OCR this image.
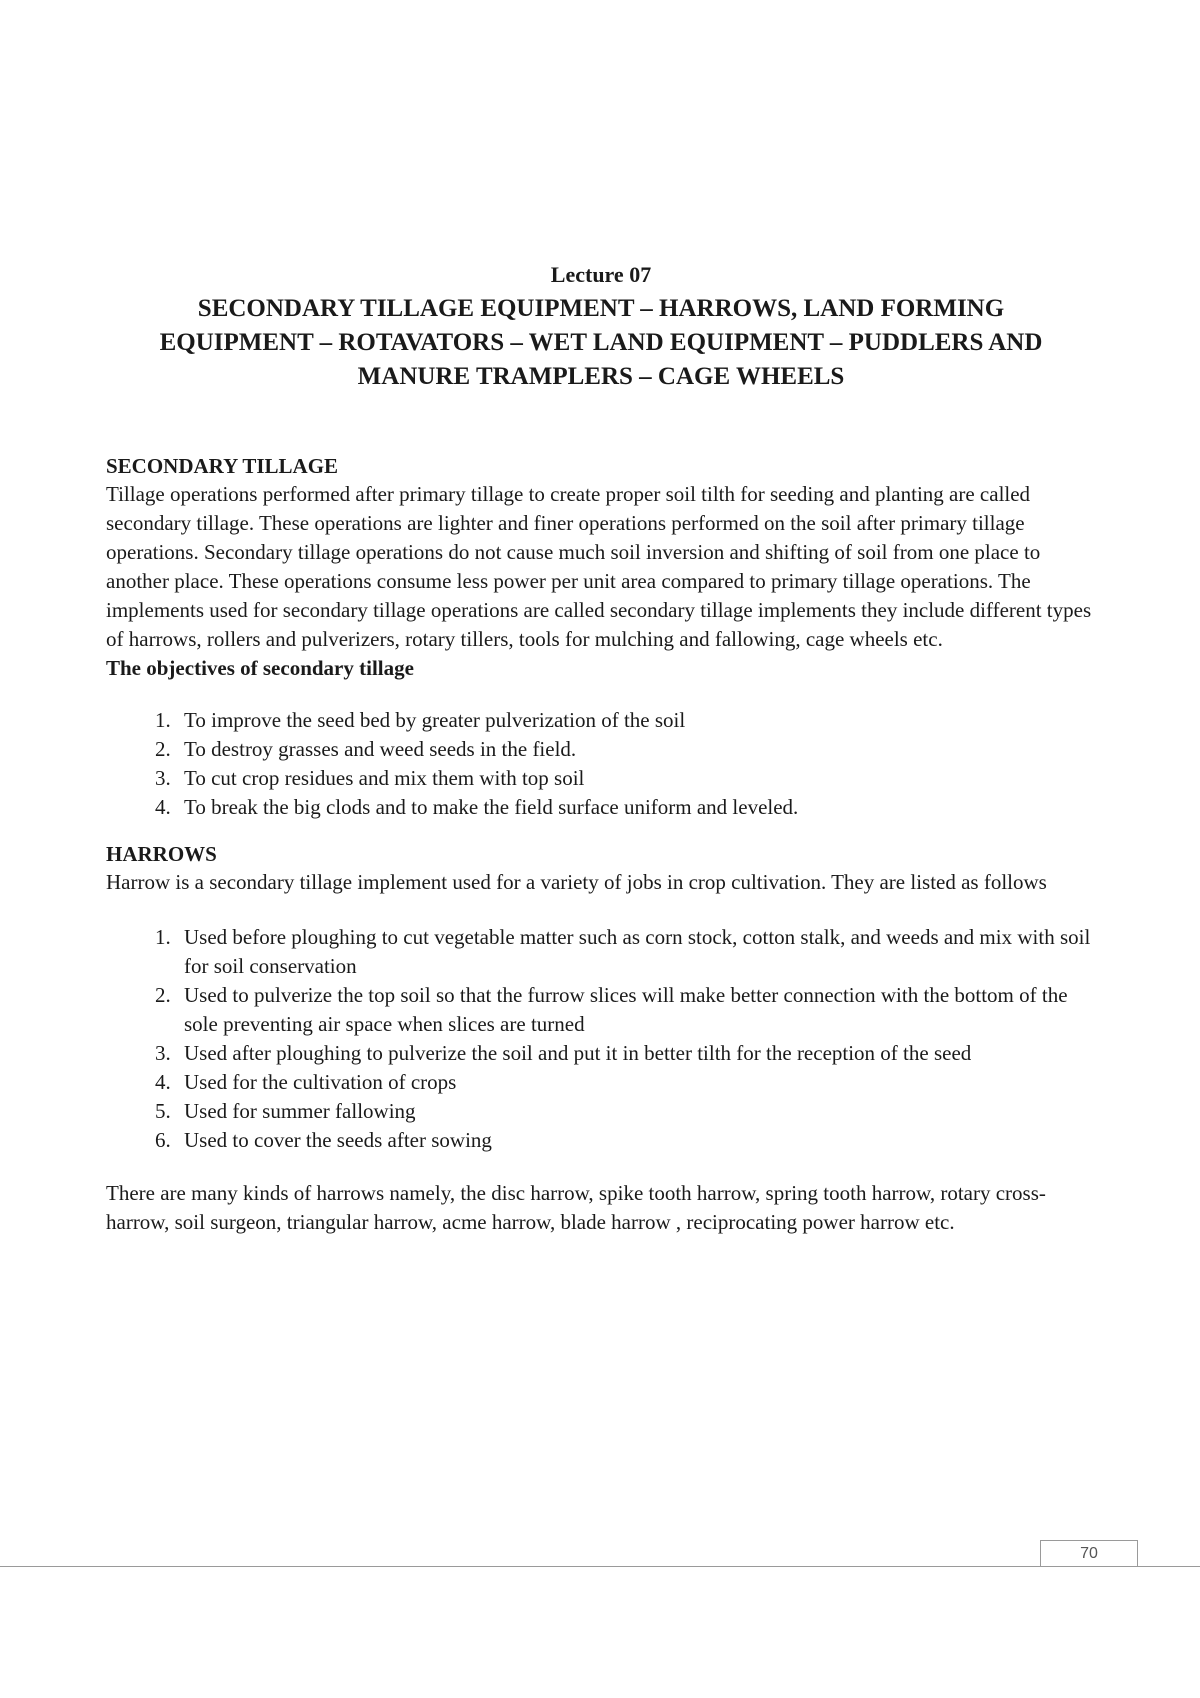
Lecture 07
SECONDARY TILLAGE EQUIPMENT – HARROWS, LAND FORMING EQUIPMENT – ROTAVATORS – WET LAND EQUIPMENT – PUDDLERS AND MANURE TRAMPLERS – CAGE WHEELS
SECONDARY TILLAGE

Tillage operations performed after primary tillage to create proper soil tilth for seeding and planting are called secondary tillage. These operations are lighter and finer operations performed on the soil after primary tillage operations. Secondary tillage operations do not cause much soil inversion and shifting of soil from one place to another place. These operations consume less power per unit area compared to primary tillage operations. The implements used for secondary tillage operations are called secondary tillage implements they include different types of harrows, rollers and pulverizers, rotary tillers, tools for mulching and fallowing, cage wheels etc.

The objectives of secondary tillage
1. To improve the seed bed by greater pulverization of the soil
2. To destroy grasses and weed seeds in the field.
3. To cut crop residues and mix them with top soil
4. To break the big clods and to make the field surface uniform and leveled.
HARROWS

Harrow is a secondary tillage implement used for a variety of jobs in crop cultivation. They are listed as follows

1. Used before ploughing to cut vegetable matter such as corn stock, cotton stalk, and weeds and mix with soil for soil conservation
2. Used to pulverize the top soil so that the furrow slices will make better connection with the bottom of the sole preventing air space when slices are turned
3. Used after ploughing to pulverize the soil and put it in better tilth for the reception of the seed
4. Used for the cultivation of crops
5. Used for summer fallowing
6. Used to cover the seeds after sowing

There are many kinds of harrows namely, the disc harrow, spike tooth harrow, spring tooth harrow, rotary cross- harrow, soil surgeon, triangular harrow, acme harrow, blade harrow , reciprocating power harrow etc.

70
